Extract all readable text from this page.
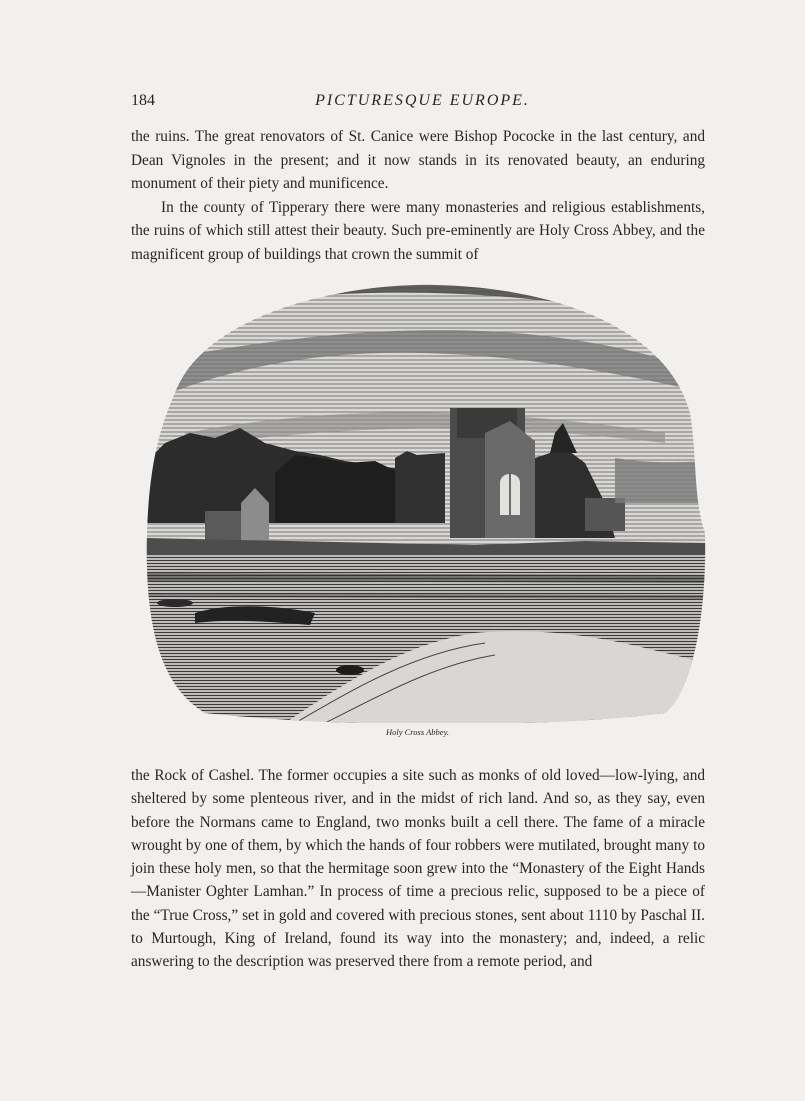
184	PICTURESQUE EUROPE.

the ruins. The great renovators of St. Canice were Bishop Pococke in the last century, and Dean Vignoles in the present; and it now stands in its renovated beauty, an enduring monument of their piety and munificence.

In the county of Tipperary there were many monasteries and religious establishments, the ruins of which still attest their beauty. Such pre-eminently are Holy Cross Abbey, and the magnificent group of buildings that crown the summit of

Holy Cross Abbey.

the Rock of Cashel. The former occupies a site such as monks of old loved—low-lying, and sheltered by some plenteous river, and in the midst of rich land. And so, as they say, even before the Normans came to England, two monks built a cell there. The fame of a miracle wrought by one of them, by which the hands of four robbers were mutilated, brought many to join these holy men, so that the hermitage soon grew into the “Monastery of the Eight Hands—Manister Oghter Lamhan.” In process of time a precious relic, supposed to be a piece of the “True Cross,” set in gold and covered with precious stones, sent about 1110 by Paschal II. to Murtough, King of Ireland, found its way into the monastery; and, indeed, a relic answering to the description was preserved there from a remote period, and
